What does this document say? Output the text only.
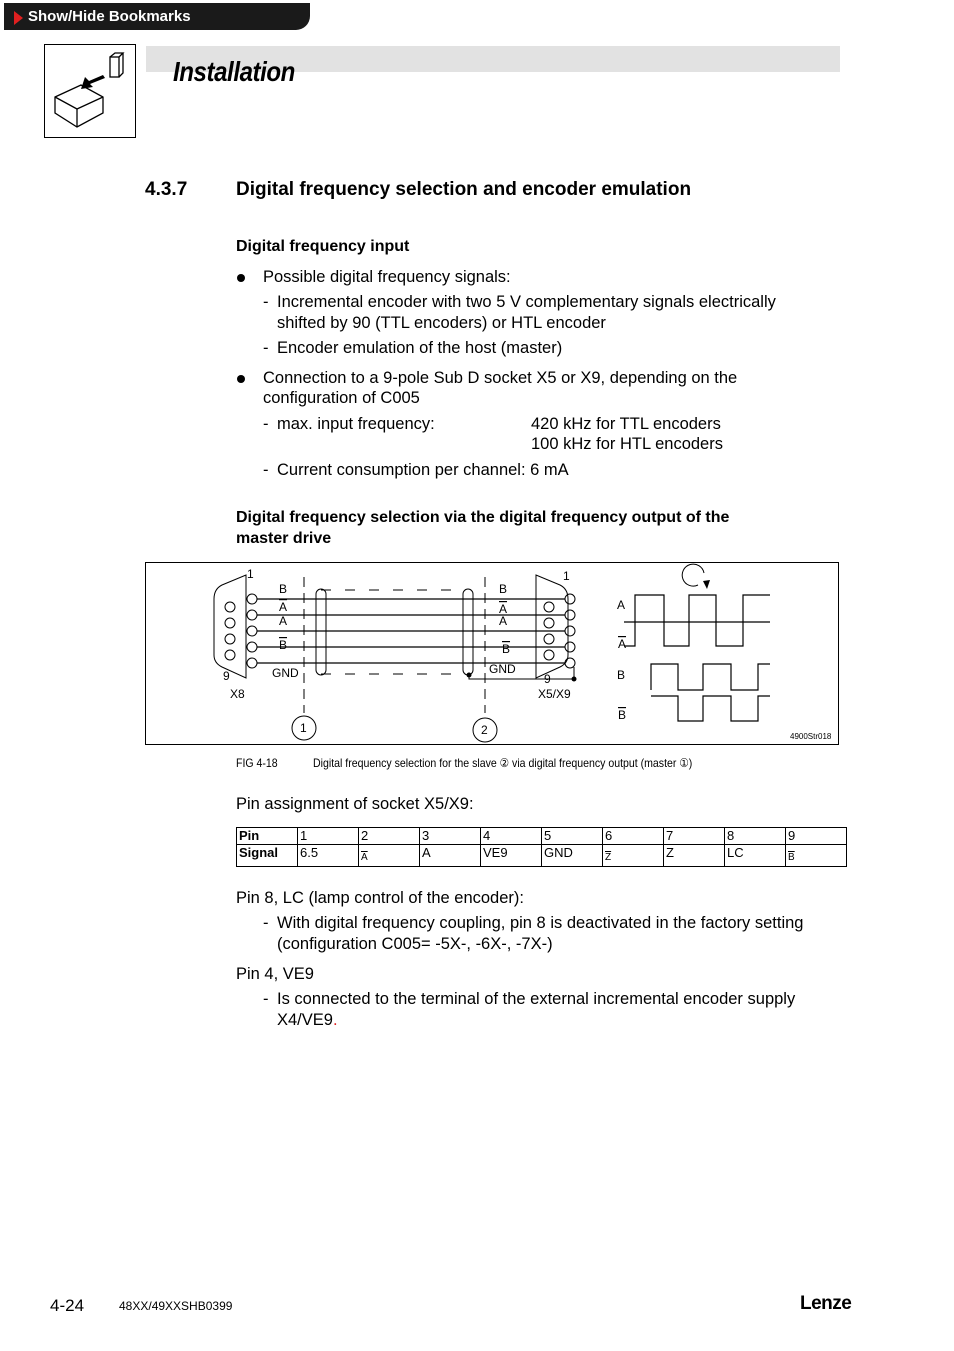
Show/Hide Bookmarks
Installation
4.3.7	Digital frequency selection and encoder emulation
Digital frequency input
Possible digital frequency signals:
- Incremental encoder with two 5 V complementary signals electrically
shifted by 90 (TTL encoders) or HTL encoder
- Encoder emulation of the host (master)
Connection to a 9-pole Sub D socket X5 or X9, depending on the
configuration of C005
- max. input frequency:	420 kHz for TTL encoders
100 kHz for HTL encoders
- Current consumption per channel: 6 mA
Digital frequency selection via the digital frequency output of the
master drive
1
9
X8
B
A
A
B
GND
B
A
A
B
GND
1
9
X5/X9
1	2
A
A
B
B
4900Str018
FIG 4-18	Digital frequency selection for the slave ② via digital frequency output (master ①)
Pin assignment of socket X5/X9:
Pin	1	2	3	4	5	6	7	8	9
Signal	6.5	$_{\overline{A}}$	A	VE9	GND	$_{\overline{Z}}$	Z	LC	$_{\overline{B}}$
Pin 8, LC (lamp control of the encoder):
- With digital frequency coupling, pin 8 is deactivated in the factory setting
(configuration C005= -5X-, -6X-, -7X-)
Pin 4, VE9
- Is connected to the terminal of the external incremental encoder supply
X4/VE9.
4-24	48XX/49XXSHB0399	Lenze
